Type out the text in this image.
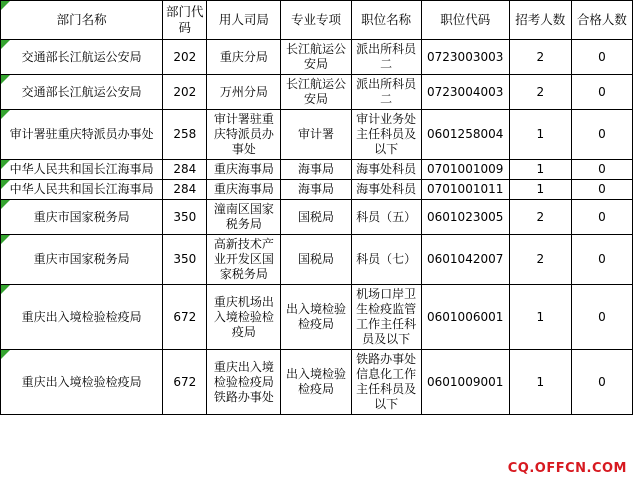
部门名称	部门代码	用人司局	专业专项	职位名称	职位代码	招考人数	合格人数

交通部长江航运公安局	202	重庆分局	长江航运公安局	派出所科员二	0723003003	2	0

交通部长江航运公安局	202	万州分局	长江航运公安局	派出所科员二	0723004003	2	0

审计署驻重庆特派员办事处	258	审计署驻重庆特派员办事处	审计署	审计业务处主任科员及以下	0601258004	1	0

中华人民共和国长江海事局	284	重庆海事局	海事局	海事处科员	0701001009	1	0

中华人民共和国长江海事局	284	重庆海事局	海事局	海事处科员	0701001011	1	0

重庆市国家税务局	350	潼南区国家税务局	国税局	科员（五）	0601023005	2	0

重庆市国家税务局	350	高新技术产业开发区国家税务局	国税局	科员（七）	0601042007	2	0

重庆出入境检验检疫局	672	重庆机场出入境检验检疫局	出入境检验检疫局	机场口岸卫生检疫监管工作主任科员及以下	0601006001	1	0

重庆出入境检验检疫局	672	重庆出入境检验检疫局铁路办事处	出入境检验检疫局	铁路办事处信息化工作主任科员及以下	0601009001	1	0
CQ.OFFCN.COM
